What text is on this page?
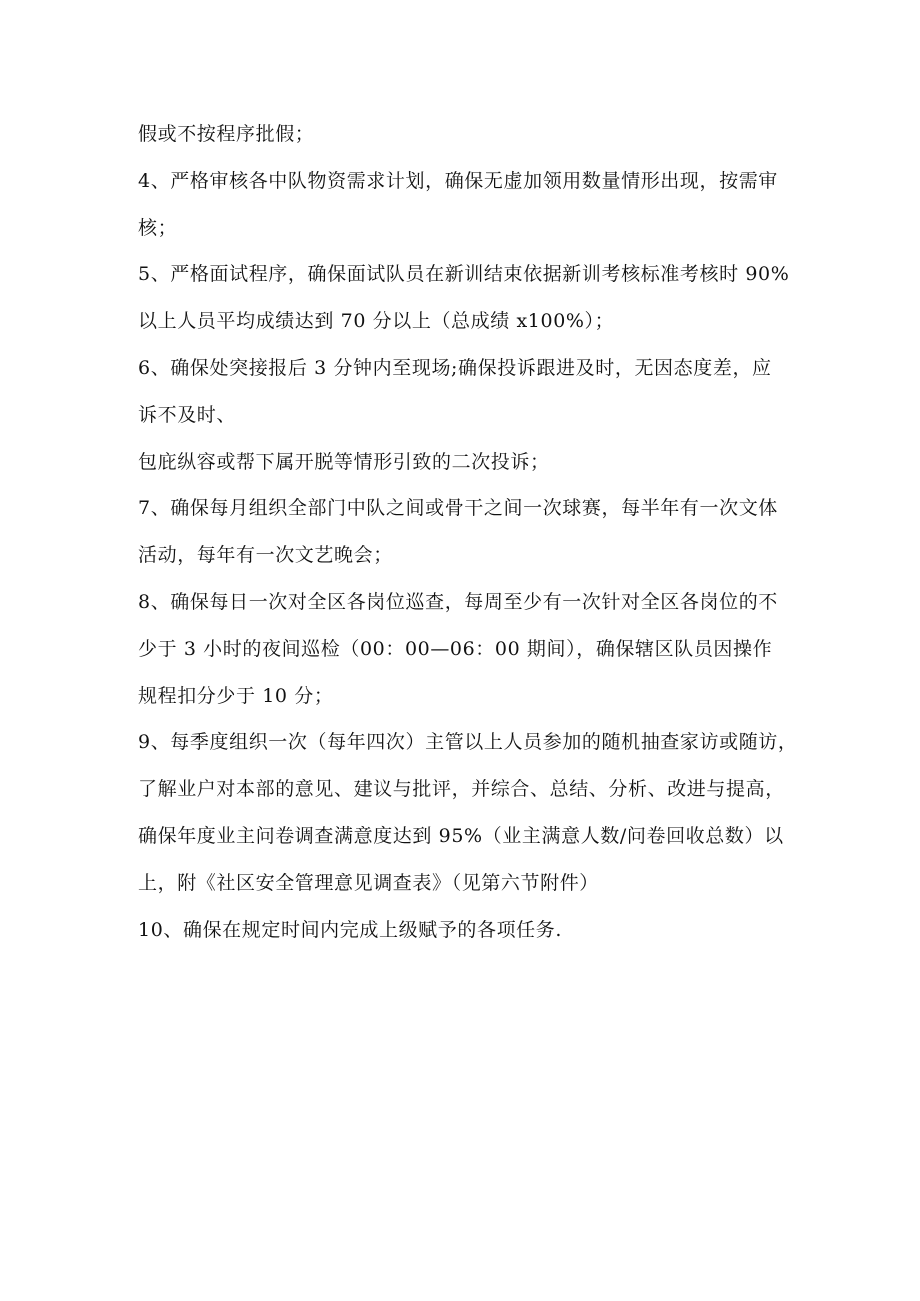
假或不按程序批假；
4、严格审核各中队物资需求计划，确保无虚加领用数量情形出现，按需审
核；
5、严格面试程序，确保面试队员在新训结束依据新训考核标准考核时 90%
以上人员平均成绩达到 70 分以上（总成绩 x100%）；
6、确保处突接报后 3 分钟内至现场;确保投诉跟进及时，无因态度差，应
诉不及时、
包庇纵容或帮下属开脱等情形引致的二次投诉；
7、确保每月组织全部门中队之间或骨干之间一次球赛，每半年有一次文体
活动，每年有一次文艺晚会；
8、确保每日一次对全区各岗位巡查，每周至少有一次针对全区各岗位的不
少于 3 小时的夜间巡检（00：00—06：00 期间），确保辖区队员因操作
规程扣分少于 10 分；
9、每季度组织一次（每年四次）主管以上人员参加的随机抽查家访或随访，
了解业户对本部的意见、建议与批评，并综合、总结、分析、改进与提高，
确保年度业主问卷调查满意度达到 95%（业主满意人数/问卷回收总数）以
上，附《社区安全管理意见调查表》（见第六节附件）
10、确保在规定时间内完成上级赋予的各项任务.
